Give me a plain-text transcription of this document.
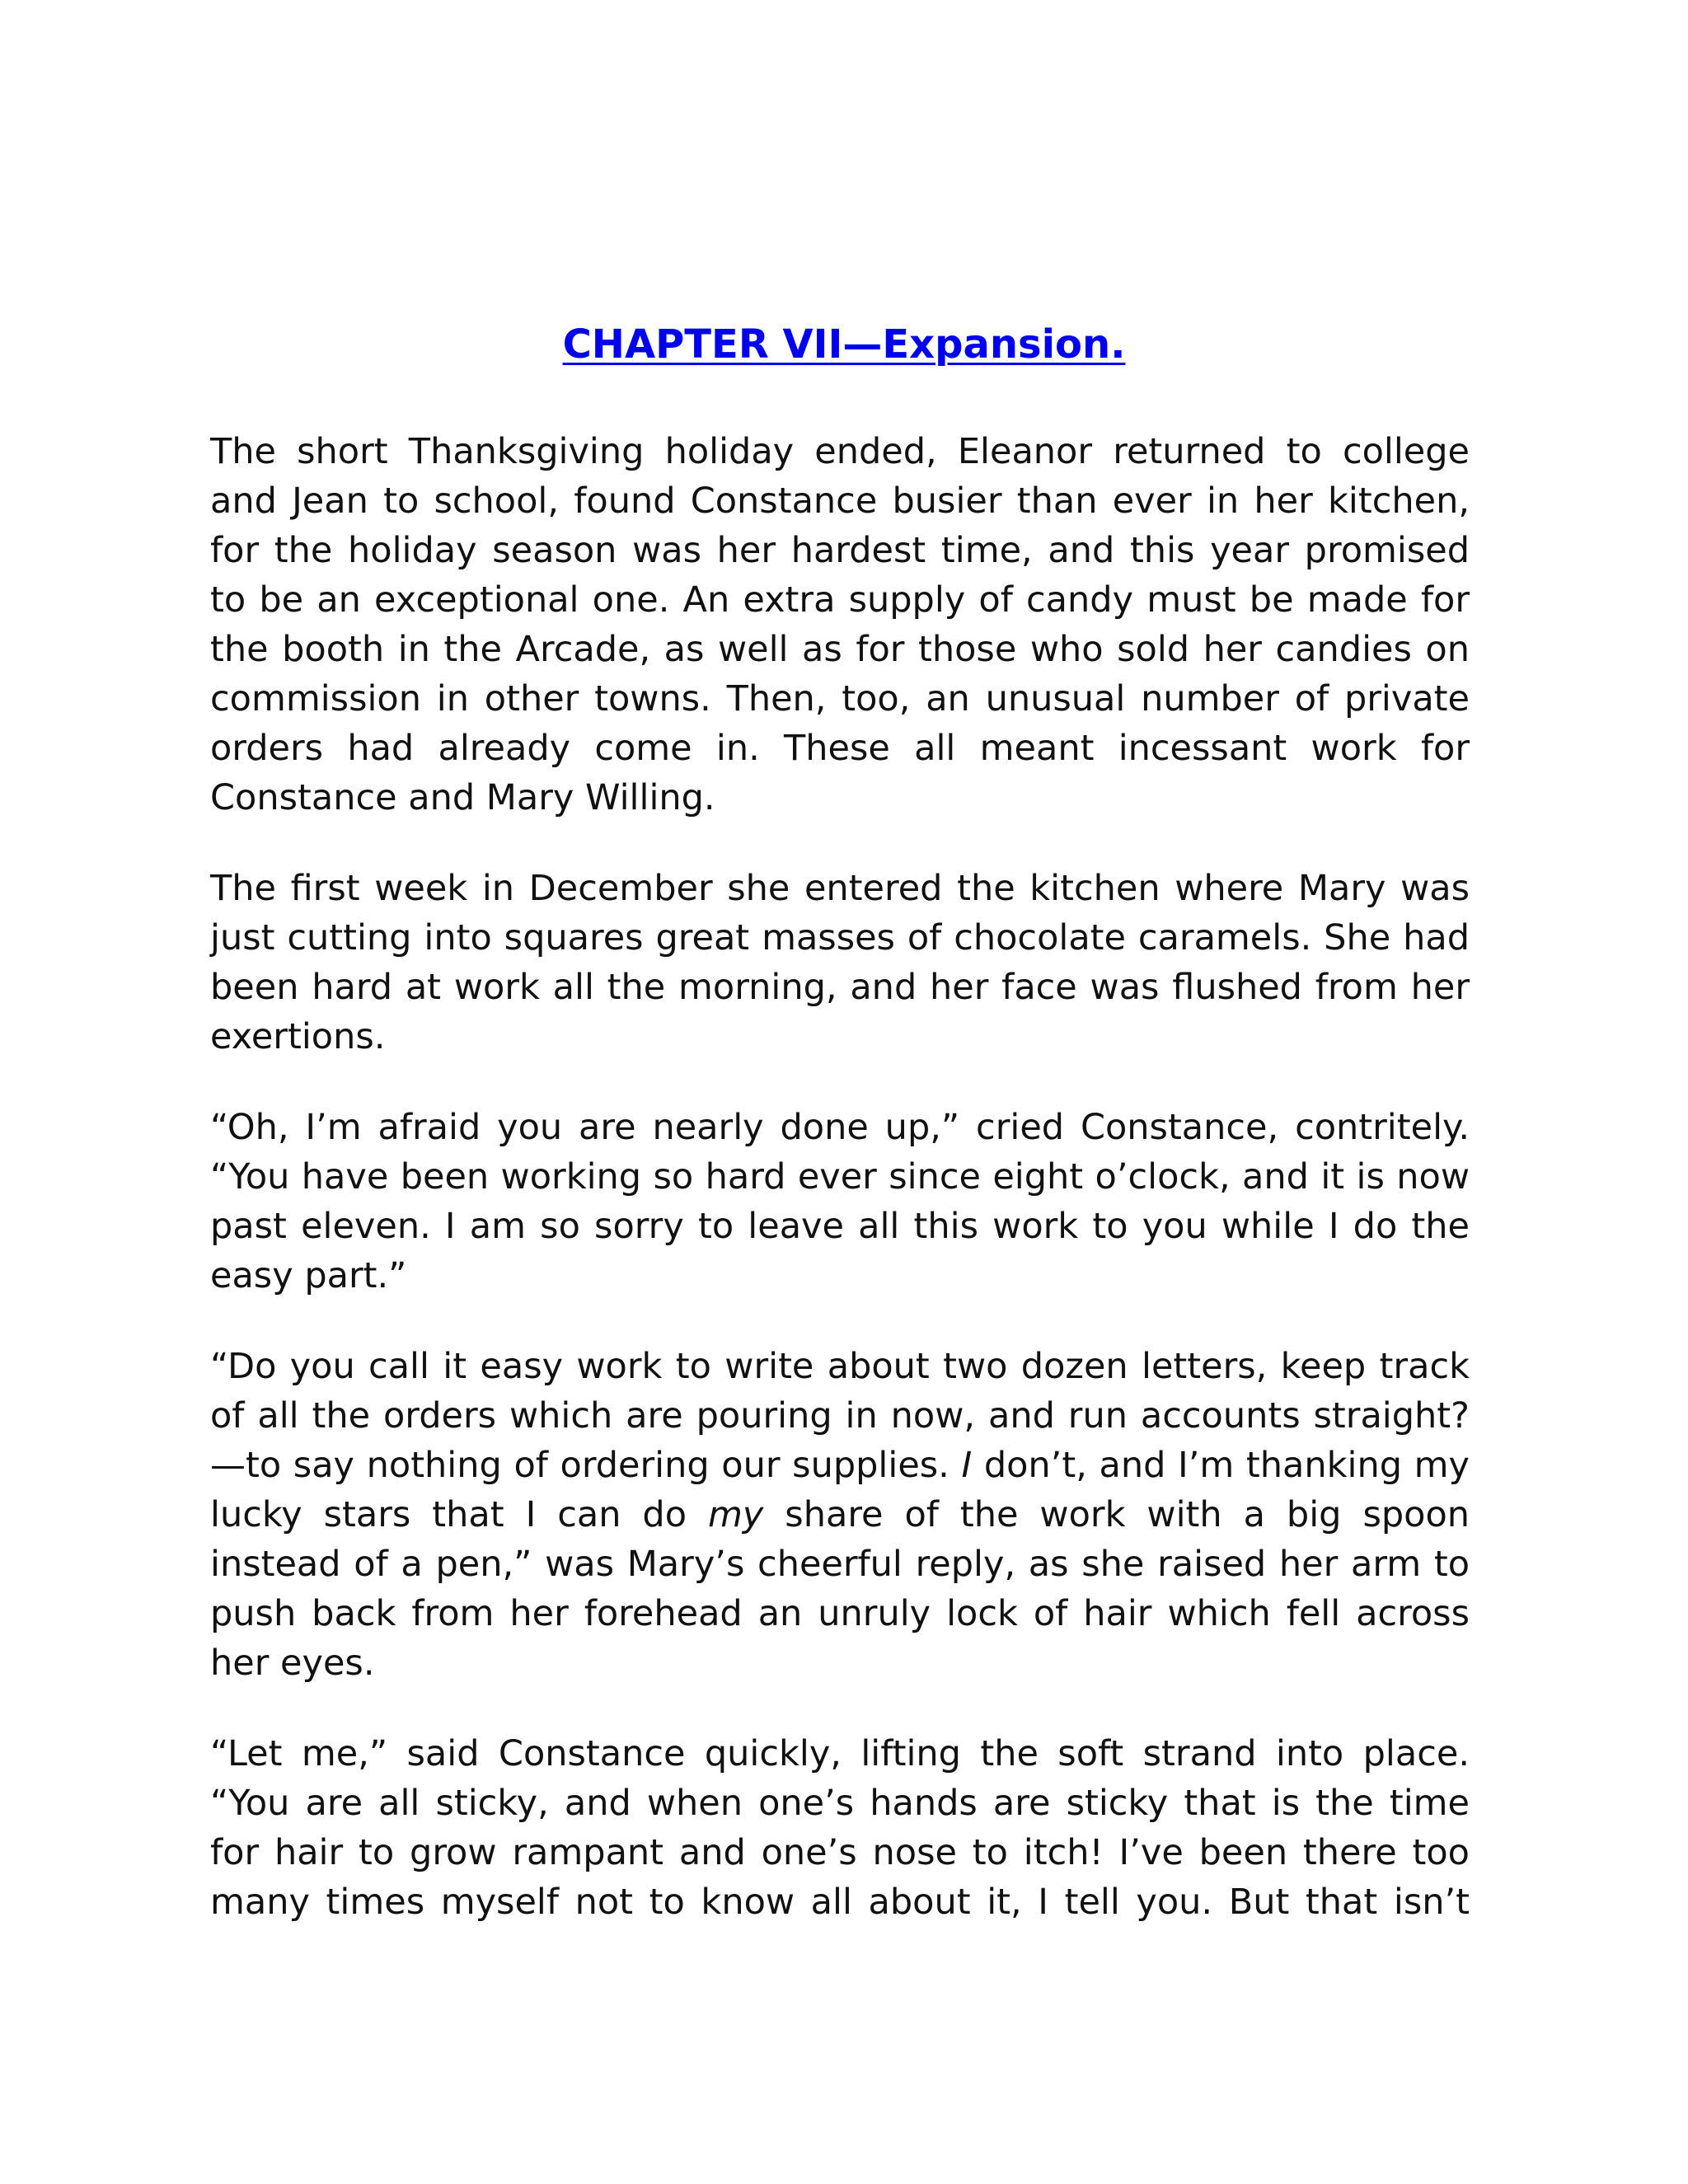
CHAPTER VII—Expansion.

The short Thanksgiving holiday ended, Eleanor returned to college and Jean to school, found Constance busier than ever in her kitchen, for the holiday season was her hardest time, and this year promised to be an exceptional one. An extra supply of candy must be made for the booth in the Arcade, as well as for those who sold her candies on commission in other towns. Then, too, an unusual number of private orders had already come in. These all meant incessant work for Constance and Mary Willing.

The first week in December she entered the kitchen where Mary was just cutting into squares great masses of chocolate caramels. She had been hard at work all the morning, and her face was flushed from her exertions.

“Oh, I’m afraid you are nearly done up,” cried Constance, contritely. “You have been working so hard ever since eight o’clock, and it is now past eleven. I am so sorry to leave all this work to you while I do the easy part.”

“Do you call it easy work to write about two dozen letters, keep track of all the orders which are pouring in now, and run accounts straight?—to say nothing of ordering our supplies. I don’t, and I’m thanking my lucky stars that I can do my share of the work with a big spoon instead of a pen,” was Mary’s cheerful reply, as she raised her arm to push back from her forehead an unruly lock of hair which fell across her eyes.

“Let me,” said Constance quickly, lifting the soft strand into place. “You are all sticky, and when one’s hands are sticky that is the time for hair to grow rampant and one’s nose to itch! I’ve been there too many times myself not to know all about it, I tell you. But that isn’t
